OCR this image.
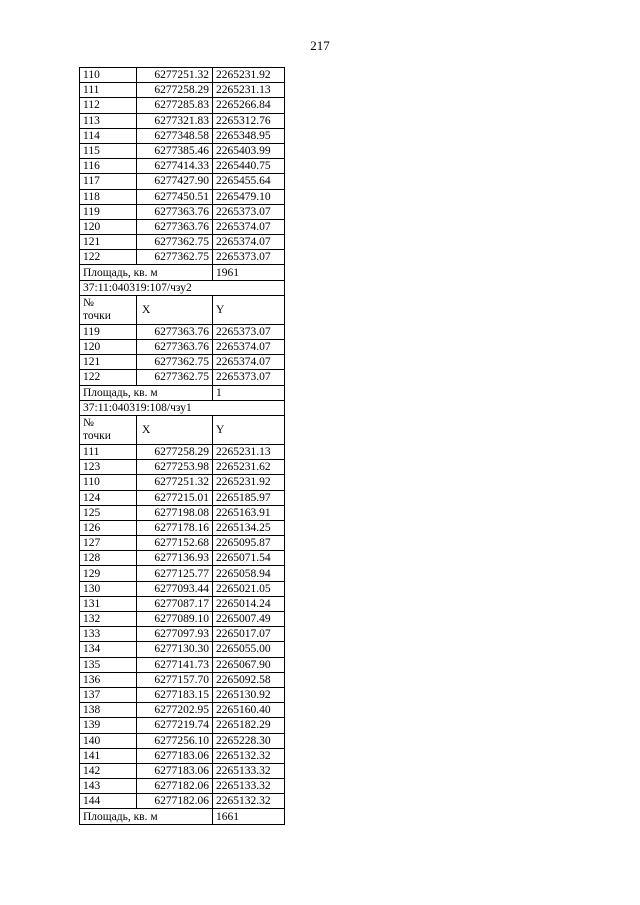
217
110	6277251.32	2265231.92
111	6277258.29	2265231.13
112	6277285.83	2265266.84
113	6277321.83	2265312.76
114	6277348.58	2265348.95
115	6277385.46	2265403.99
116	6277414.33	2265440.75
117	6277427.90	2265455.64
118	6277450.51	2265479.10
119	6277363.76	2265373.07
120	6277363.76	2265374.07
121	6277362.75	2265374.07
122	6277362.75	2265373.07
Площадь, кв. м		1961
37:11:040319:107/чзу2		

№
точки	X	Y
119	6277363.76	2265373.07
120	6277363.76	2265374.07
121	6277362.75	2265374.07
122	6277362.75	2265373.07
Площадь, кв. м		1
37:11:040319:108/чзу1		

№
точки	X	Y
111	6277258.29	2265231.13
123	6277253.98	2265231.62
110	6277251.32	2265231.92
124	6277215.01	2265185.97
125	6277198.08	2265163.91
126	6277178.16	2265134.25
127	6277152.68	2265095.87
128	6277136.93	2265071.54
129	6277125.77	2265058.94
130	6277093.44	2265021.05
131	6277087.17	2265014.24
132	6277089.10	2265007.49
133	6277097.93	2265017.07
134	6277130.30	2265055.00
135	6277141.73	2265067.90
136	6277157.70	2265092.58
137	6277183.15	2265130.92
138	6277202.95	2265160.40
139	6277219.74	2265182.29
140	6277256.10	2265228.30
141	6277183.06	2265132.32
142	6277183.06	2265133.32
143	6277182.06	2265133.32
144	6277182.06	2265132.32
Площадь, кв. м		1661
